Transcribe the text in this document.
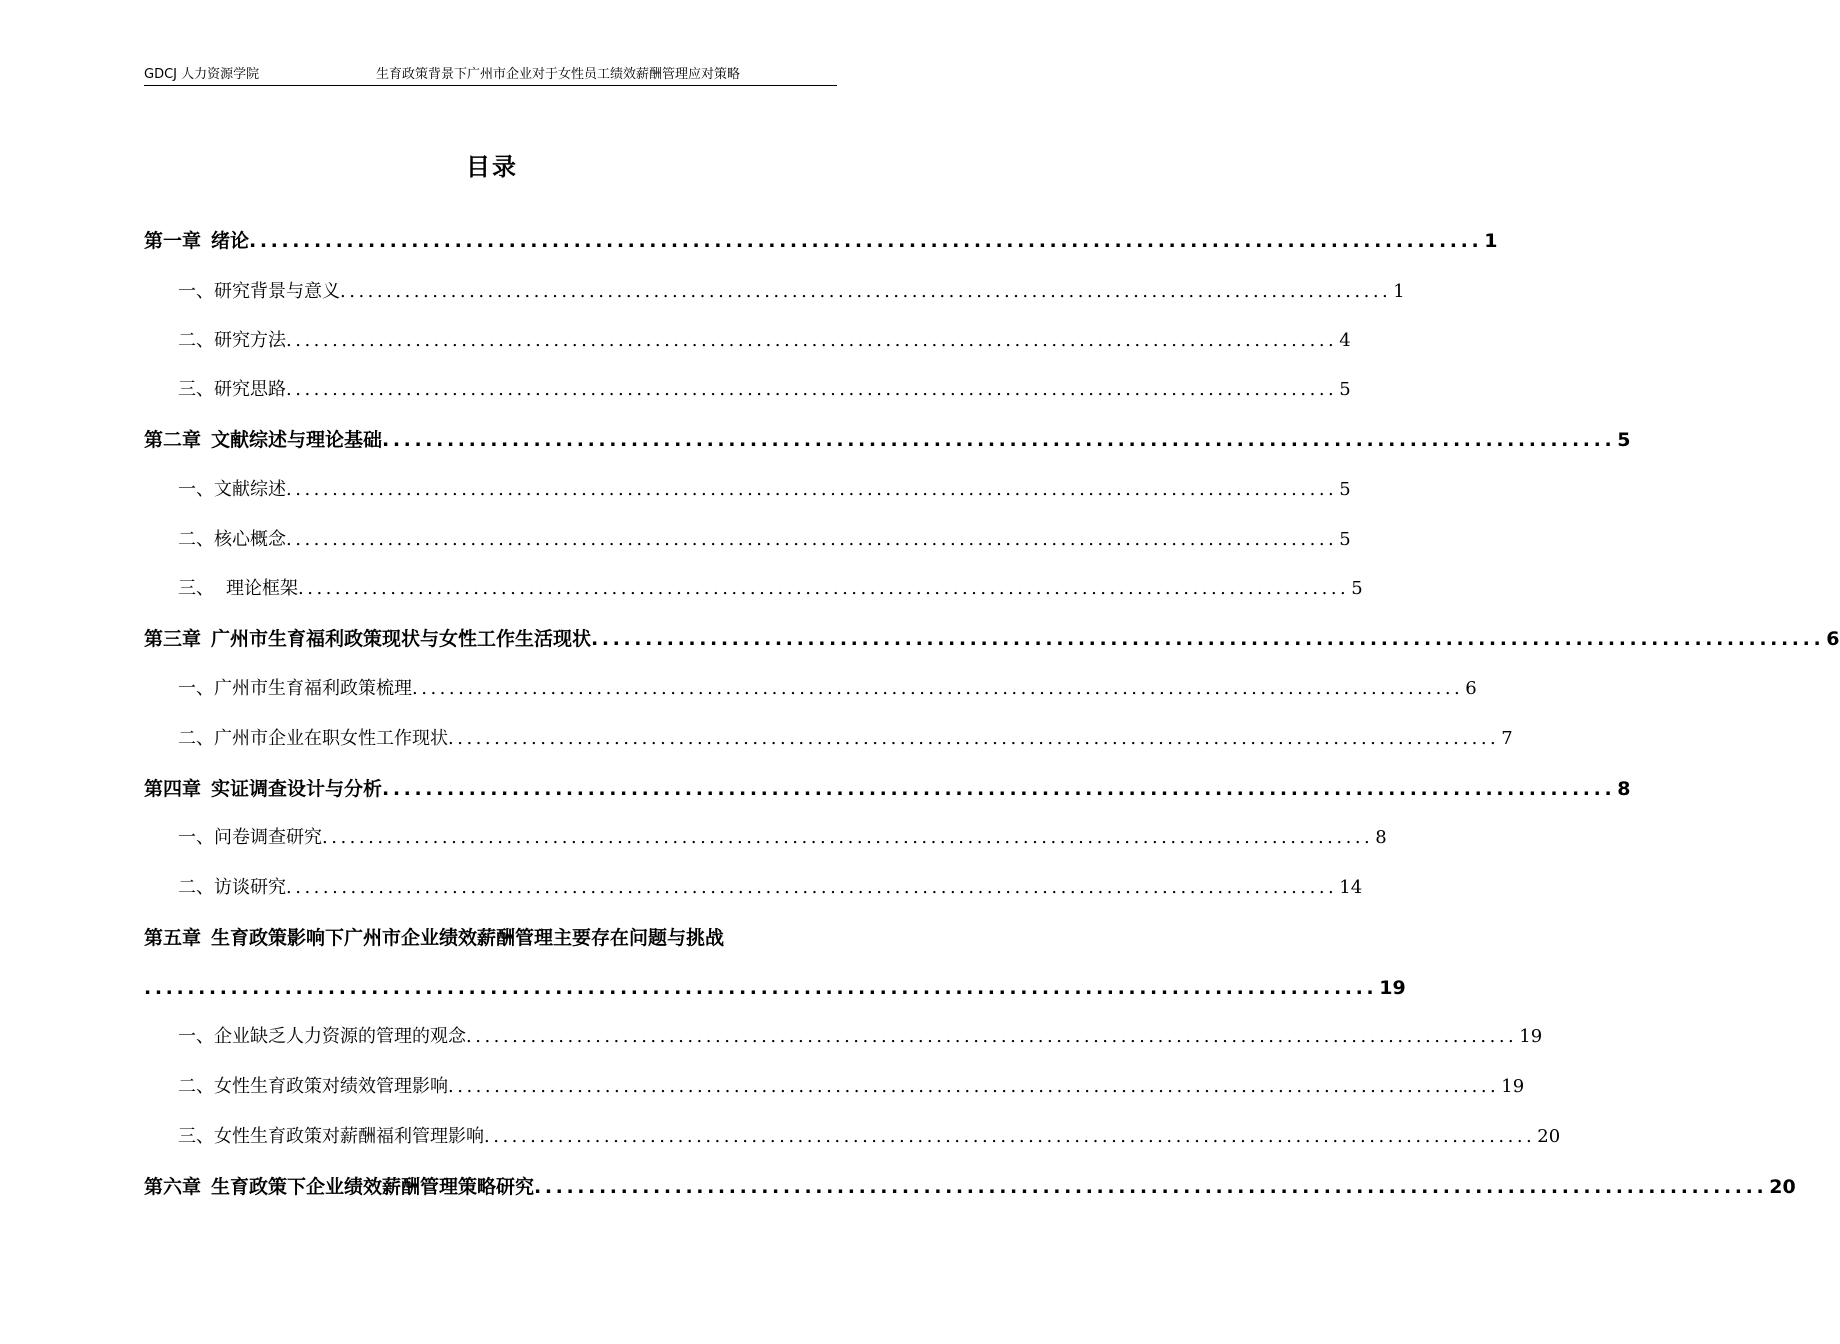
GDCJ 人力资源学院	生育政策背景下广州市企业对于女性员工绩效薪酬管理应对策略
目录
第一章 绪论 .................................................................................................................. 1
一、研究背景与意义 .................................................................................................................. 1
二、研究方法 .................................................................................................................. 4
三、研究思路 .................................................................................................................. 5
第二章 文献综述与理论基础 .................................................................................................................. 5
一、文献综述 .................................................................................................................. 5
二、核心概念 .................................................................................................................. 5
三、 理论框架 .................................................................................................................. 5
第三章 广州市生育福利政策现状与女性工作生活现状 .................................................................................................................. 6
一、广州市生育福利政策梳理 .................................................................................................................. 6
二、广州市企业在职女性工作现状 .................................................................................................................. 7
第四章 实证调查设计与分析 .................................................................................................................. 8
一、问卷调查研究 .................................................................................................................. 8
二、访谈研究 .................................................................................................................. 14
第五章 生育政策影响下广州市企业绩效薪酬管理主要存在问题与挑战
.................................................................................................................. 19
一、企业缺乏人力资源的管理的观念 .................................................................................................................. 19
二、女性生育政策对绩效管理影响 .................................................................................................................. 19
三、女性生育政策对薪酬福利管理影响 .................................................................................................................. 20
第六章 生育政策下企业绩效薪酬管理策略研究 .................................................................................................................. 20
